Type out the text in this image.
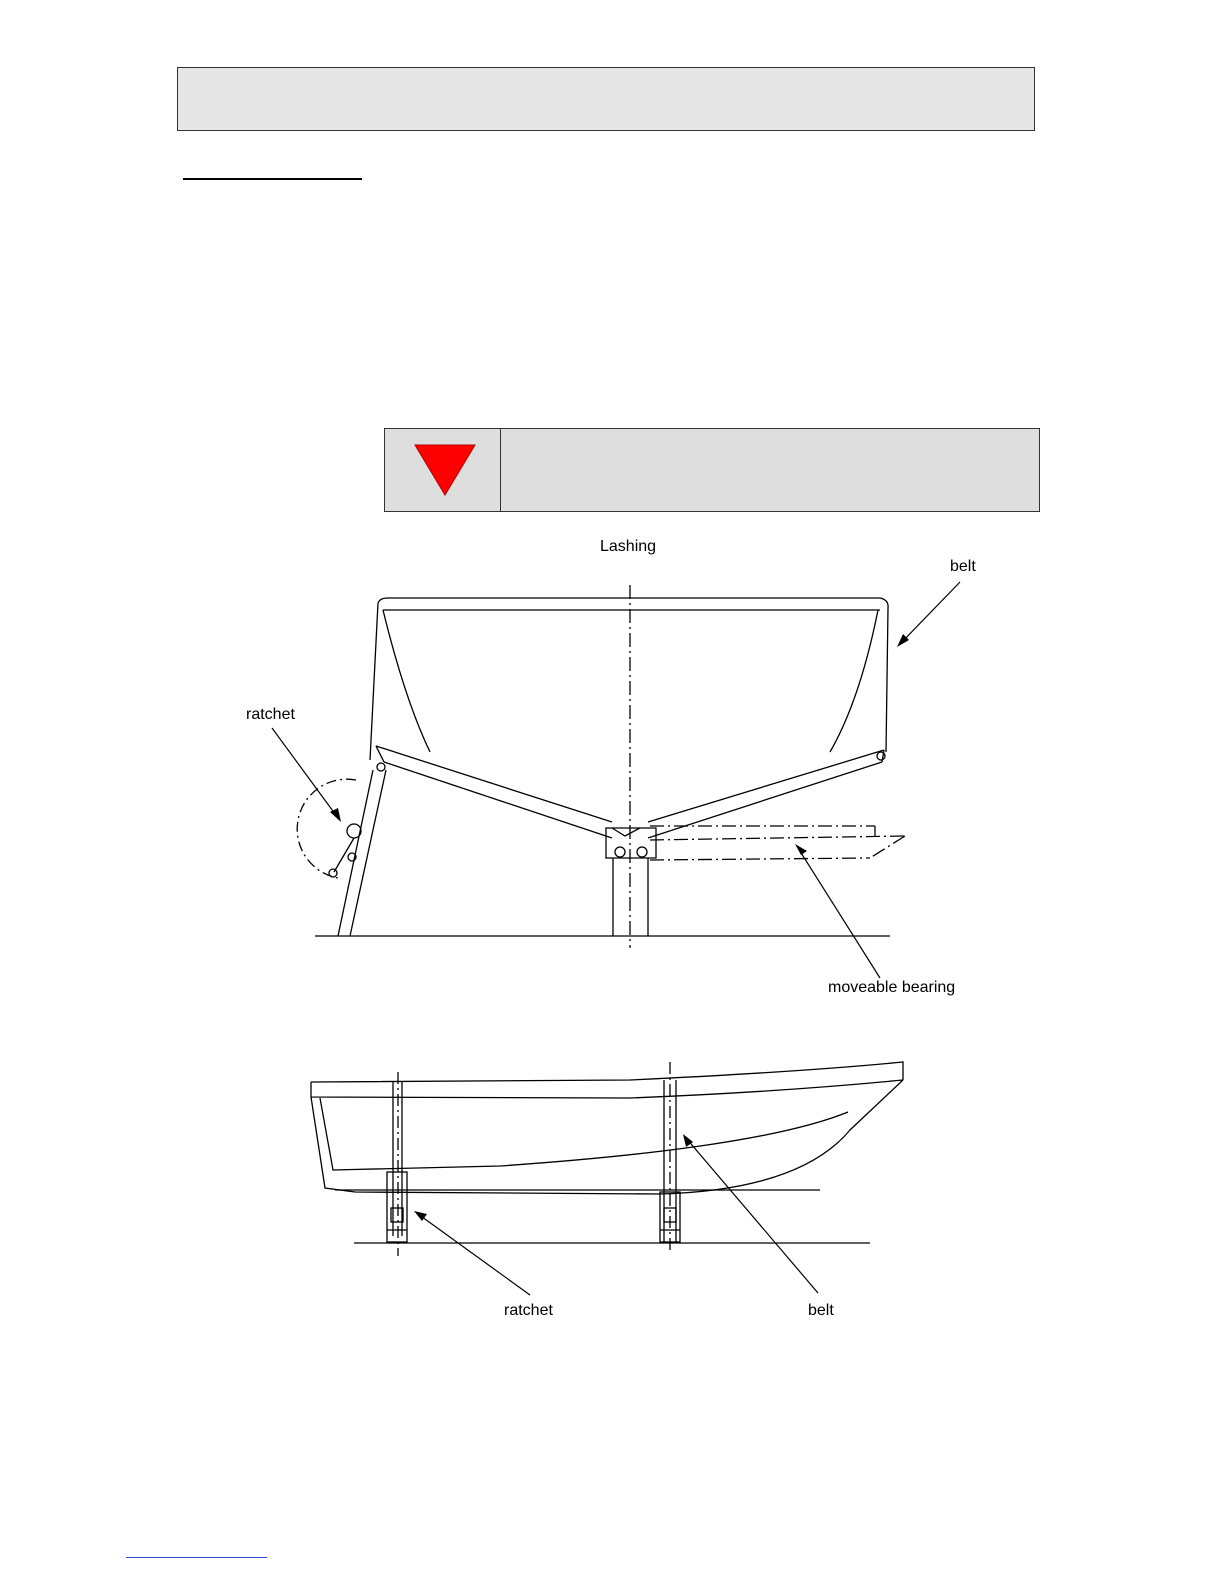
Lashing
belt
ratchet
moveable bearing
ratchet	belt
